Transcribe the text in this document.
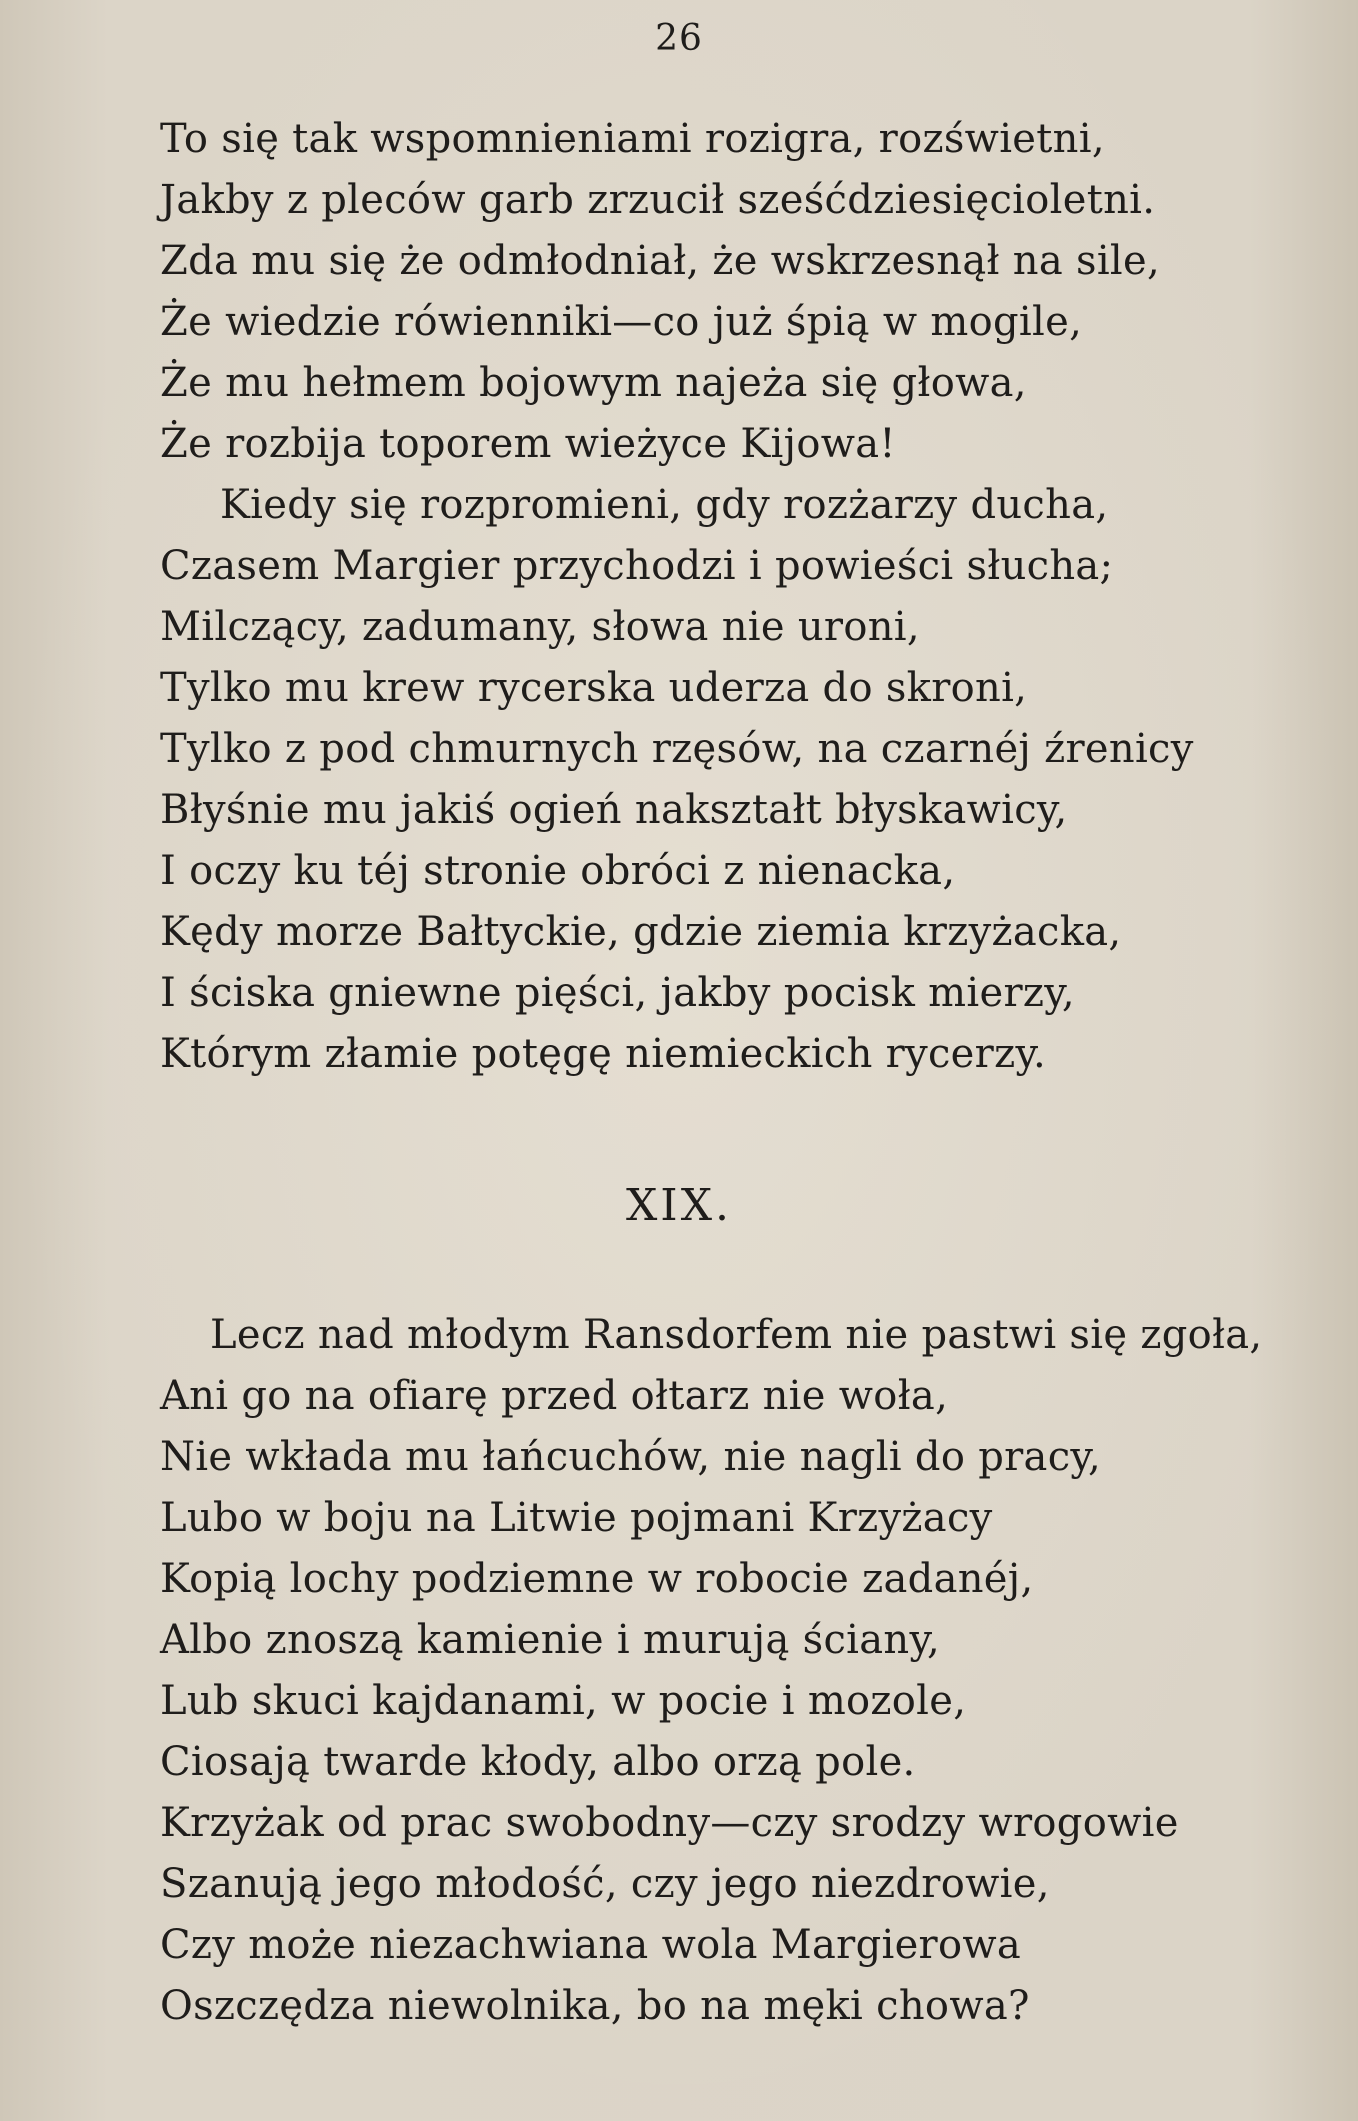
26

To się tak wspomnieniami rozigra, rozświetni,
Jakby z pleców garb zrzucił sześćdziesięcioletni.
Zda mu się że odmłodniał, że wskrzesnął na sile,
Że wiedzie rówienniki—co już śpią w mogile,
Że mu hełmem bojowym najeża się głowa,
Że rozbija toporem wieżyce Kijowa!
Kiedy się rozpromieni, gdy rozżarzy ducha,
Czasem Margier przychodzi i powieści słucha;
Milczący, zadumany, słowa nie uroni,
Tylko mu krew rycerska uderza do skroni,
Tylko z pod chmurnych rzęsów, na czarnéj źrenicy
Błyśnie mu jakiś ogień nakształt błyskawicy,
I oczy ku téj stronie obróci z nienacka,
Kędy morze Bałtyckie, gdzie ziemia krzyżacka,
I ściska gniewne pięści, jakby pocisk mierzy,
Którym złamie potęgę niemieckich rycerzy.
XIX.
Lecz nad młodym Ransdorfem nie pastwi się zgoła,
Ani go na ofiarę przed ołtarz nie woła,
Nie wkłada mu łańcuchów, nie nagli do pracy,
Lubo w boju na Litwie pojmani Krzyżacy
Kopią lochy podziemne w robocie zadanéj,
Albo znoszą kamienie i murują ściany,
Lub skuci kajdanami, w pocie i mozole,
Ciosają twarde kłody, albo orzą pole.
Krzyżak od prac swobodny—czy srodzy wrogowie
Szanują jego młodość, czy jego niezdrowie,
Czy może niezachwiana wola Margierowa
Oszczędza niewolnika, bo na męki chowa?
